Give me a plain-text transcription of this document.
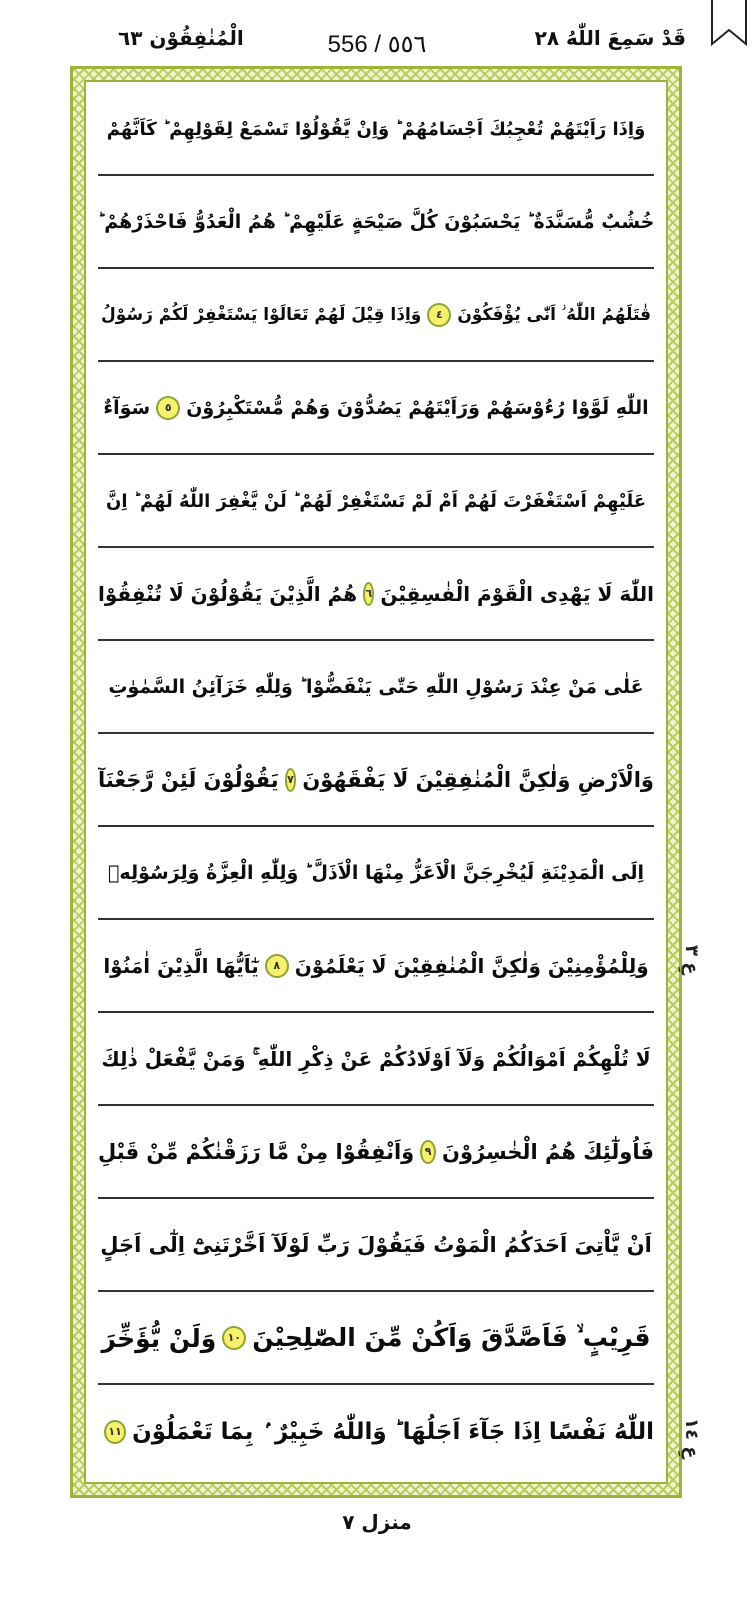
الْمُنٰفِقُوْن ٦٣	556 / ٥٥٦	قَدْ سَمِعَ اللّٰهُ ٢٨
وَاِذَا رَاَيْتَهُمْ تُعْجِبُكَ اَجْسَامُهُمْ ؕ وَاِنْ يَّقُوْلُوْا تَسْمَعْ لِقَوْلِهِمْ ؕ كَاَنَّهُمْ
خُشُبٌ مُّسَنَّدَةٌ ؕ يَحْسَبُوْنَ كُلَّ صَيْحَةٍ عَلَيْهِمْ ؕ هُمُ الْعَدُوُّ فَاحْذَرْهُمْ ؕ
قٰتَلَهُمُ اللّٰهُ ؗ اَنّٰى يُؤْفَكُوْنَ
٤
وَاِذَا قِيْلَ لَهُمْ تَعَالَوْا يَسْتَغْفِرْ لَكُمْ رَسُوْلُ
اللّٰهِ لَوَّوْا رُءُوْسَهُمْ وَرَاَيْتَهُمْ يَصُدُّوْنَ وَهُمْ مُّسْتَكْبِرُوْنَ
٥
سَوَآءٌ
عَلَيْهِمْ اَسْتَغْفَرْتَ لَهُمْ اَمْ لَمْ تَسْتَغْفِرْ لَهُمْ ؕ لَنْ يَّغْفِرَ اللّٰهُ لَهُمْ ؕ اِنَّ
اللّٰهَ لَا يَهْدِى الْقَوْمَ الْفٰسِقِيْنَ
٦
هُمُ الَّذِيْنَ يَقُوْلُوْنَ لَا تُنْفِقُوْا
عَلٰى مَنْ عِنْدَ رَسُوْلِ اللّٰهِ حَتّٰى يَنْفَضُّوْا ؕ وَلِلّٰهِ خَزَآئِنُ السَّمٰوٰتِ
وَالْاَرْضِ وَلٰكِنَّ الْمُنٰفِقِيْنَ لَا يَفْقَهُوْنَ
٧
يَقُوْلُوْنَ لَئِنْ رَّجَعْنَآ
اِلَى الْمَدِيْنَةِ لَيُخْرِجَنَّ الْاَعَزُّ مِنْهَا الْاَذَلَّ ؕ وَلِلّٰهِ الْعِزَّةُ وَلِرَسُوْلِهٖ
وَلِلْمُؤْمِنِيْنَ وَلٰكِنَّ الْمُنٰفِقِيْنَ لَا يَعْلَمُوْنَ
٨
يٰٓاَيُّهَا الَّذِيْنَ اٰمَنُوْا
لَا تُلْهِكُمْ اَمْوَالُكُمْ وَلَآ اَوْلَادُكُمْ عَنْ ذِكْرِ اللّٰهِ ۚ وَمَنْ يَّفْعَلْ ذٰلِكَ
فَاُولٰٓئِكَ هُمُ الْخٰسِرُوْنَ
٩
وَاَنْفِقُوْا مِنْ مَّا رَزَقْنٰكُمْ مِّنْ قَبْلِ
اَنْ يَّاْتِىَ اَحَدَكُمُ الْمَوْتُ فَيَقُوْلَ رَبِّ لَوْلَآ اَخَّرْتَنِىْٓ اِلٰٓى اَجَلٍ
قَرِيْبٍ ۙ فَاَصَّدَّقَ وَاَكُنْ مِّنَ الصّٰلِحِيْنَ
١٠
وَلَنْ يُّؤَخِّرَ
اللّٰهُ نَفْسًا اِذَا جَآءَ اَجَلُهَا ؕ وَاللّٰهُ خَبِيْرٌ ۢ بِمَا تَعْمَلُوْنَ
١١
عِ ٣
عِ ١٤
منزل ٧
